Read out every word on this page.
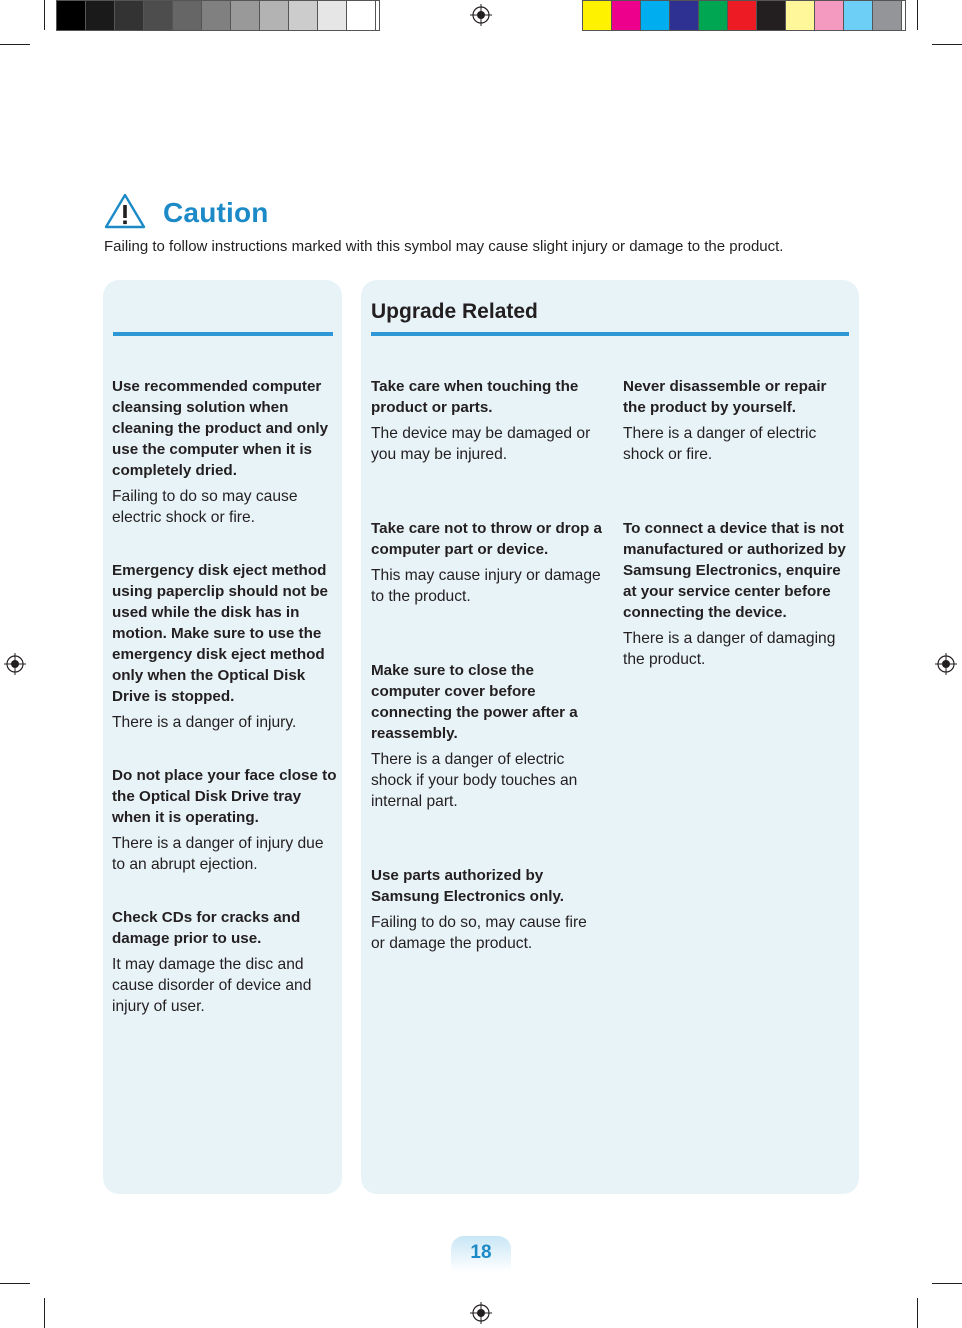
Caution

Failing to follow instructions marked with this symbol may cause slight injury or damage to the product.

Use recommended computer cleansing solution when cleaning the product and only use the computer when it is completely dried.

Failing to do so may cause electric shock or fire.

Emergency disk eject method using paperclip should not be used while the disk has in motion. Make sure to use the emergency disk eject method only when the Optical Disk Drive is stopped.

There is a danger of injury.

Do not place your face close to the Optical Disk Drive tray when it is operating.

There is a danger of injury due to an abrupt ejection.

Check CDs for cracks and damage prior to use.

It may damage the disc and cause disorder of device and injury of user.

Upgrade Related

Take care when touching the product or parts.

The device may be damaged or you may be injured.

Take care not to throw or drop a computer part or device.

This may cause injury or damage to the product.

Make sure to close the computer cover before connecting the power after a reassembly.

There is a danger of electric shock if your body touches an internal part.

Use parts authorized by Samsung Electronics only.

Failing to do so, may cause fire or damage the product.

Never disassemble or repair the product by yourself.

There is a danger of electric shock or fire.

To connect a device that is not manufactured or authorized by Samsung Electronics, enquire at your service center before connecting the device.

There is a danger of damaging the product.

18
